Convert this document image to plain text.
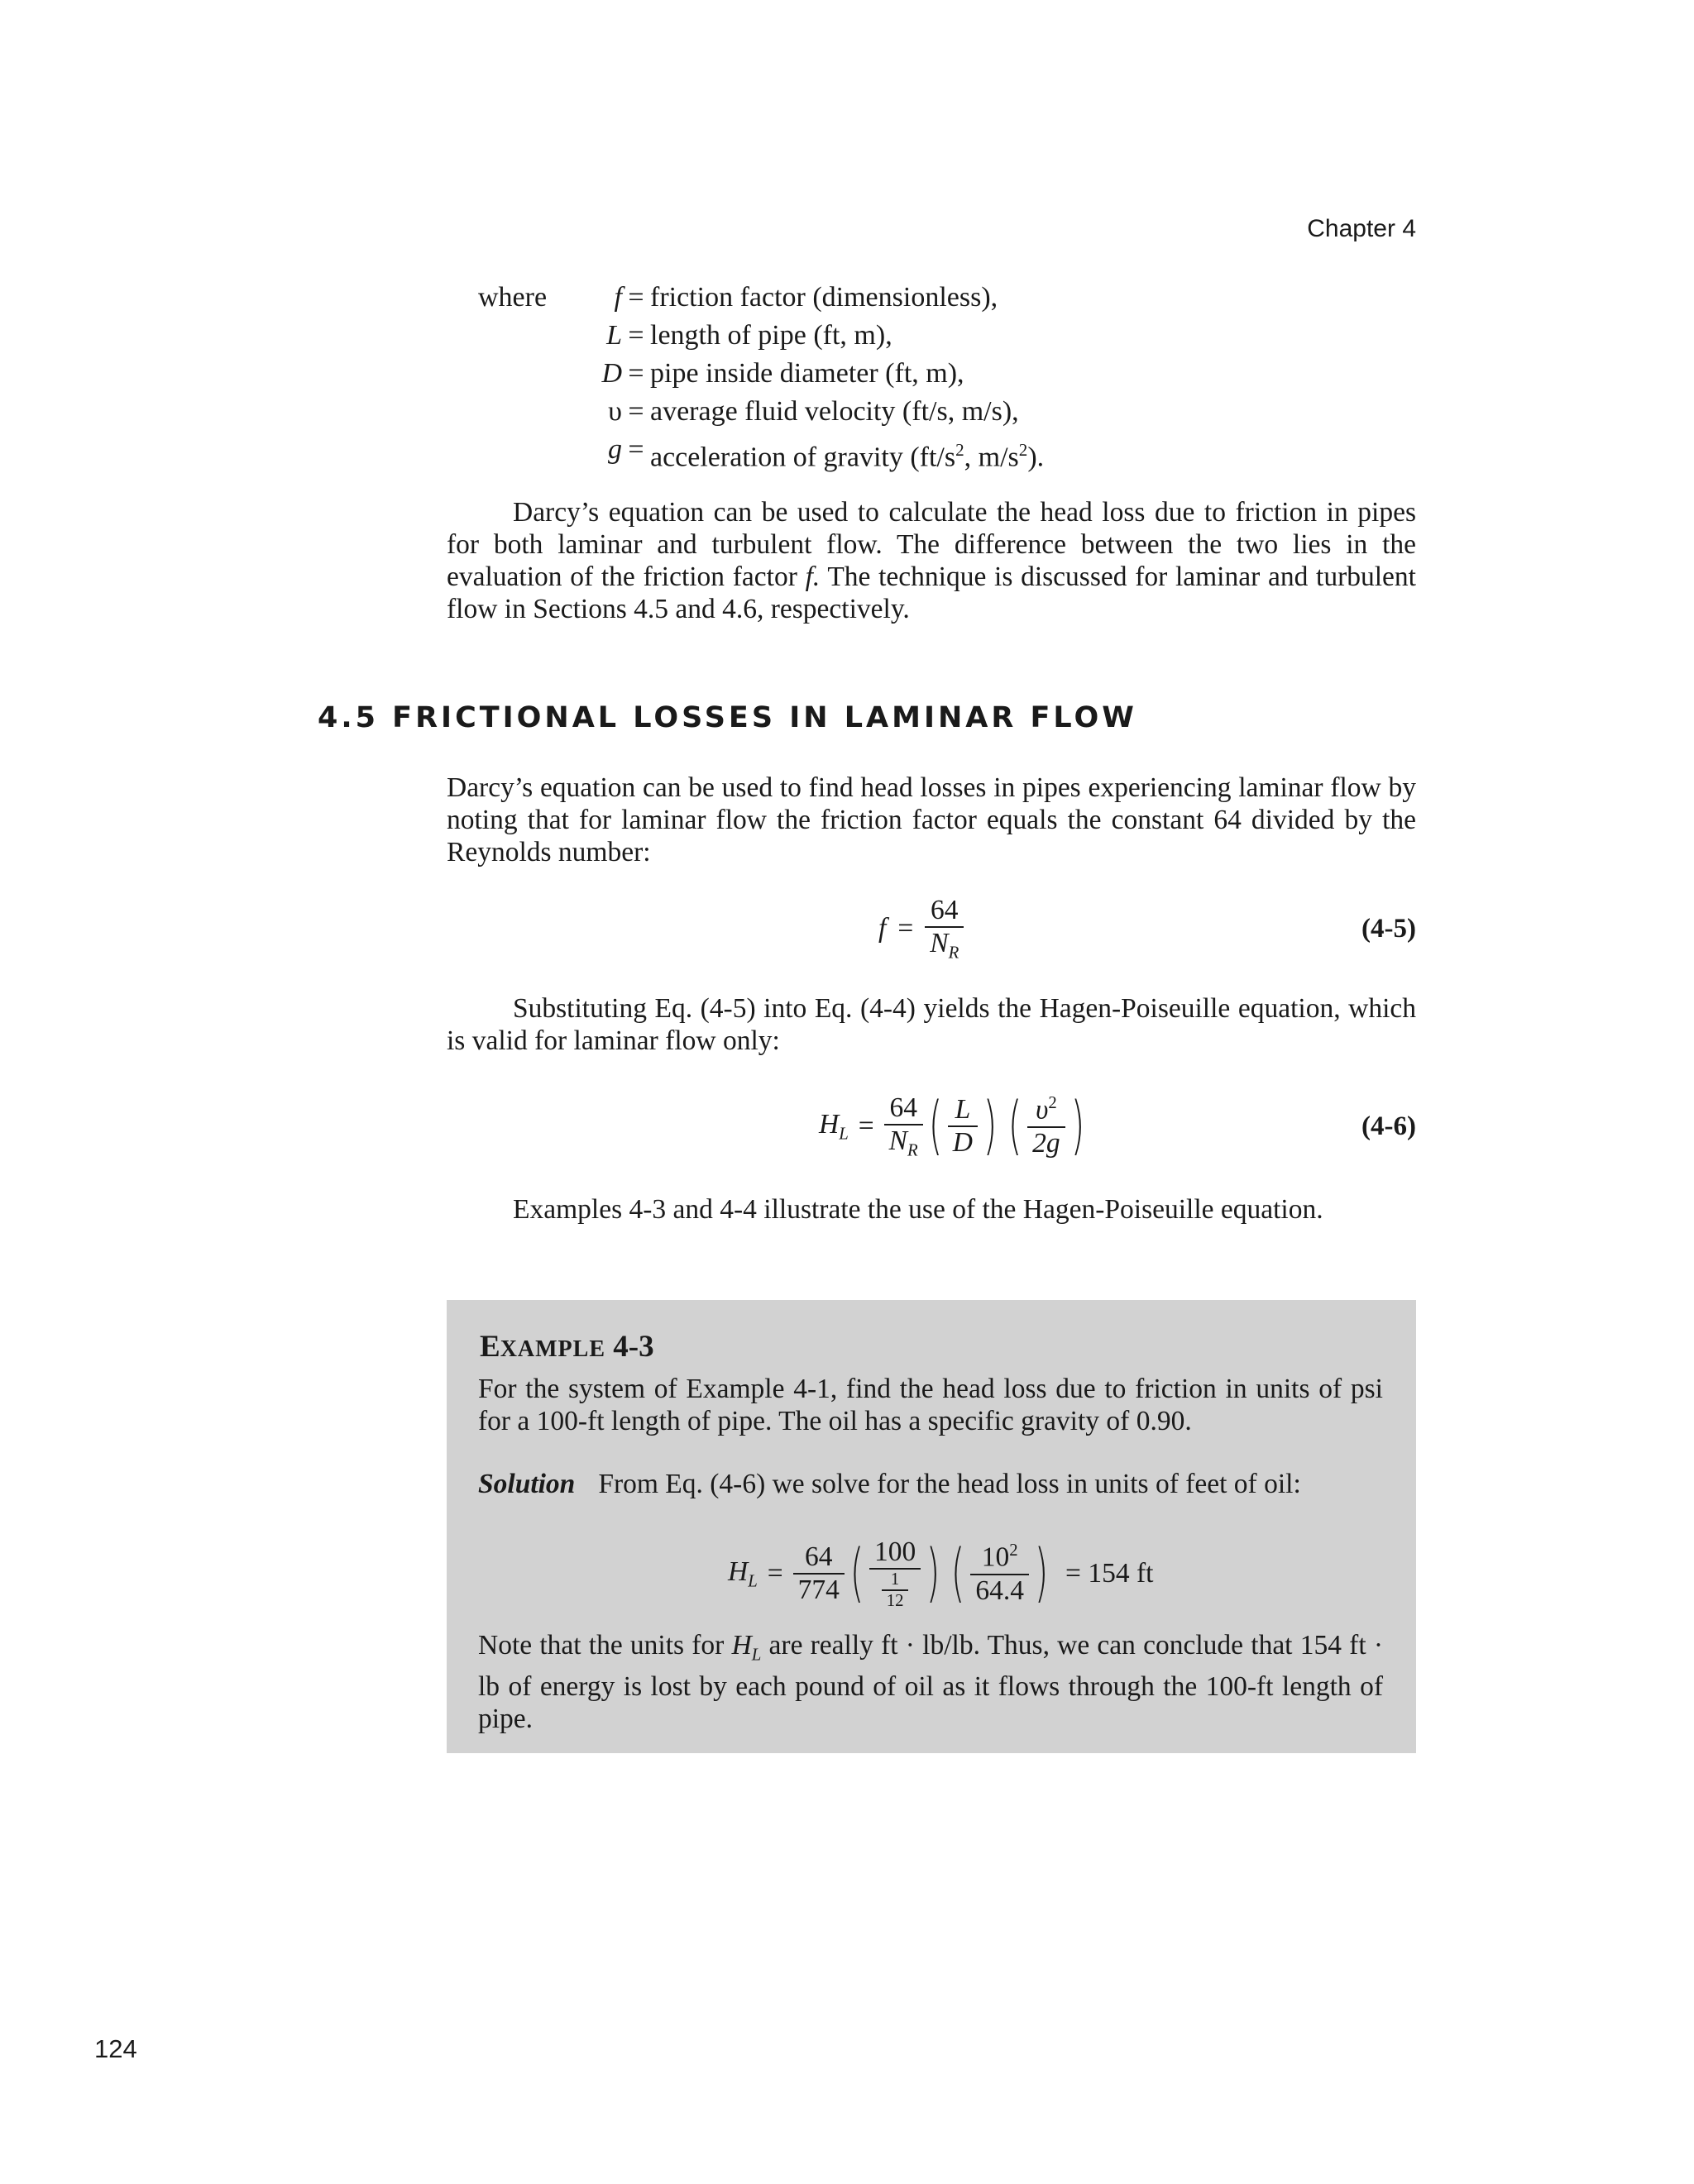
Chapter 4
where	f = friction factor (dimensionless),
L = length of pipe (ft, m),
D = pipe inside diameter (ft, m),
υ = average fluid velocity (ft/s, m/s),
g = acceleration of gravity ($ft/s^2$, $m/s^2$).
Darcy’s equation can be used to calculate the head loss due to friction in pipes for both laminar and turbulent flow. The difference between the two lies in the evaluation of the friction factor f. The technique is discussed for laminar and turbulent flow in Sections 4.5 and 4.6, respectively.
4.5 FRICTIONAL LOSSES IN LAMINAR FLOW
Darcy’s equation can be used to find head losses in pipes experiencing laminar flow by noting that for laminar flow the friction factor equals the constant 64 divided by the Reynolds number:
$f = \frac{64}{N_R}$	(4-5)
Substituting Eq. (4-5) into Eq. (4-4) yields the Hagen-Poiseuille equation, which is valid for laminar flow only:
$H_L = \frac{64}{N_R}$ ( $\frac{L}{D}$ ) ( $\frac{\upsilon^2}{2g}$ )	(4-6)
Examples 4-3 and 4-4 illustrate the use of the Hagen-Poiseuille equation.
EXAMPLE 4-3
For the system of Example 4-1, find the head loss due to friction in units of psi for a 100-ft length of pipe. The oil has a specific gravity of 0.90.
Solution From Eq. (4-6) we solve for the head loss in units of feet of oil:
$H_L = \frac{64}{774}$ ( $\frac{100}{\frac{1}{12}}$ ) ( $\frac{10^2}{64.4}$ ) = 154 ft
Note that the units for $H_L$ are really ft · lb/lb. Thus, we can conclude that 154 ft · lb of energy is lost by each pound of oil as it flows through the 100-ft length of pipe.
124
